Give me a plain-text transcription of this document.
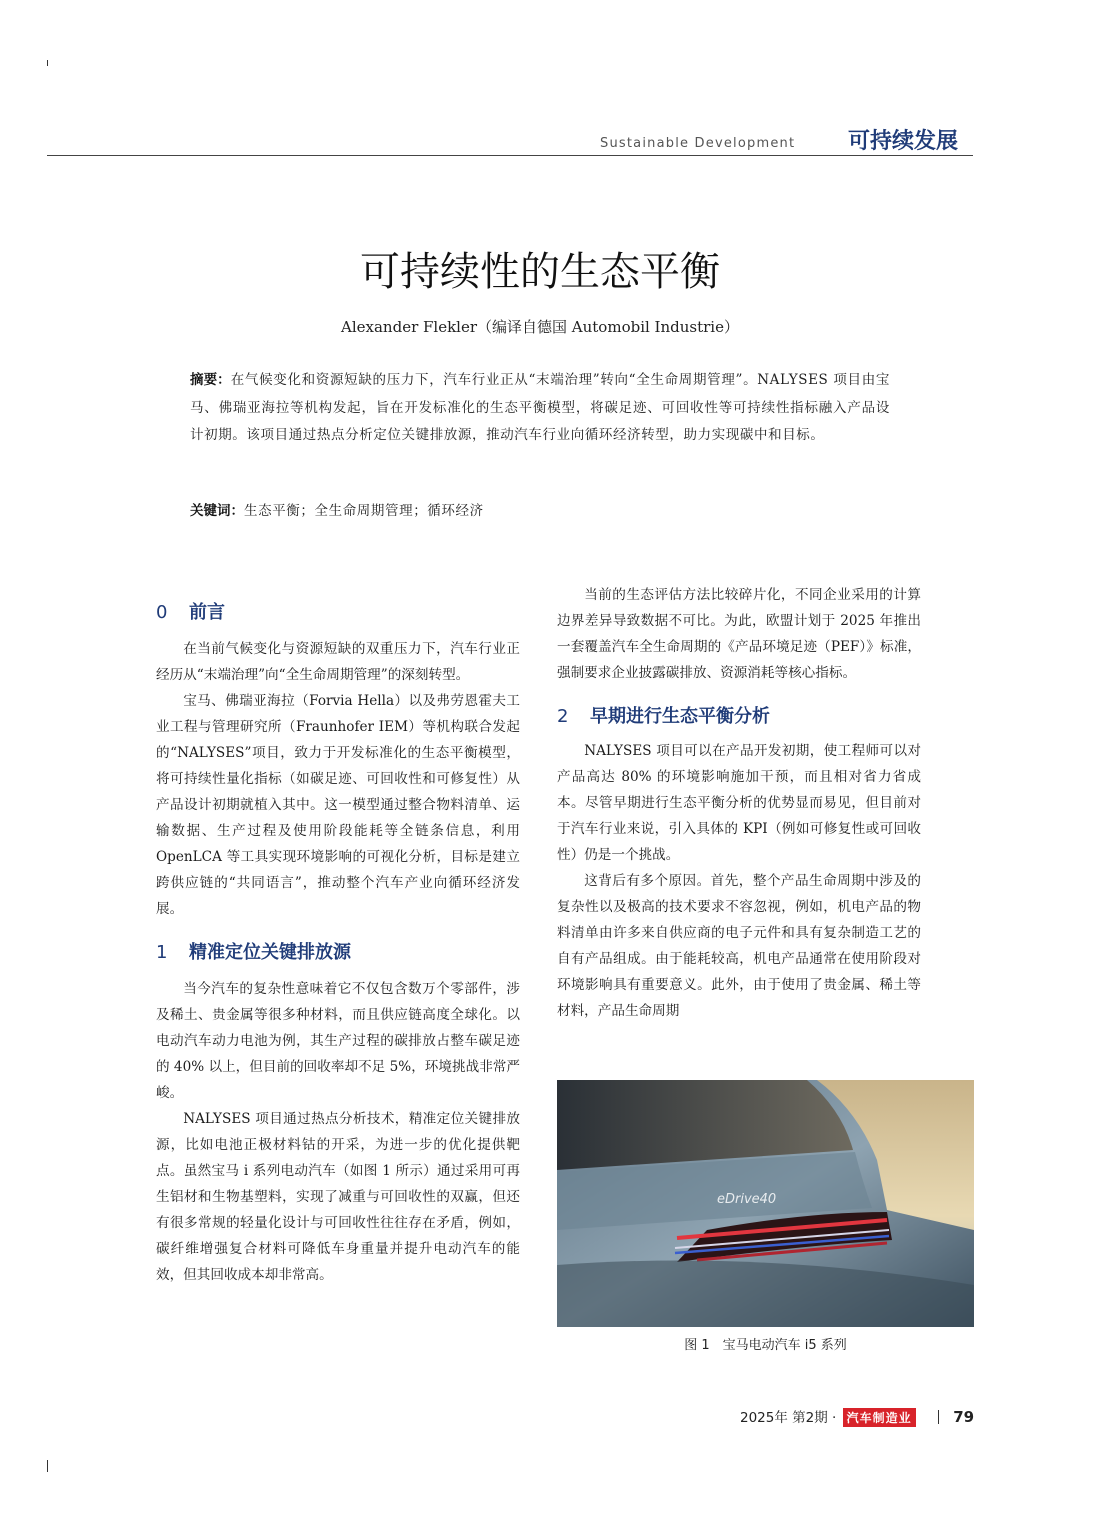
Sustainable Development 可持续发展
可持续性的生态平衡
Alexander Flekler（编译自德国 Automobil Industrie）
摘要：在气候变化和资源短缺的压力下，汽车行业正从“末端治理”转向“全生命周期管理”。NALYSES 项目由宝马、佛瑞亚海拉等机构发起，旨在开发标准化的生态平衡模型，将碳足迹、可回收性等可持续性指标融入产品设计初期。该项目通过热点分析定位关键排放源，推动汽车行业向循环经济转型，助力实现碳中和目标。
关键词：生态平衡；全生命周期管理；循环经济
0 前言

在当前气候变化与资源短缺的双重压力下，汽车行业正经历从“末端治理”向“全生命周期管理”的深刻转型。

宝马、佛瑞亚海拉（Forvia Hella）以及弗劳恩霍夫工业工程与管理研究所（Fraunhofer IEM）等机构联合发起的“NALYSES”项目，致力于开发标准化的生态平衡模型，将可持续性量化指标（如碳足迹、可回收性和可修复性）从产品设计初期就植入其中。这一模型通过整合物料清单、运输数据、生产过程及使用阶段能耗等全链条信息，利用 OpenLCA 等工具实现环境影响的可视化分析，目标是建立跨供应链的“共同语言”，推动整个汽车产业向循环经济发展。

1 精准定位关键排放源

当今汽车的复杂性意味着它不仅包含数万个零部件，涉及稀土、贵金属等很多种材料，而且供应链高度全球化。以电动汽车动力电池为例，其生产过程的碳排放占整车碳足迹的 40% 以上，但目前的回收率却不足 5%，环境挑战非常严峻。

NALYSES 项目通过热点分析技术，精准定位关键排放源，比如电池正极材料钴的开采，为进一步的优化提供靶点。虽然宝马 i 系列电动汽车（如图 1 所示）通过采用可再生铝材和生物基塑料，实现了减重与可回收性的双赢，但还有很多常规的轻量化设计与可回收性往往存在矛盾，例如，碳纤维增强复合材料可降低车身重量并提升电动汽车的能效，但其回收成本却非常高。

当前的生态评估方法比较碎片化，不同企业采用的计算边界差异导致数据不可比。为此，欧盟计划于 2025 年推出一套覆盖汽车全生命周期的《产品环境足迹（PEF）》标准，强制要求企业披露碳排放、资源消耗等核心指标。

2 早期进行生态平衡分析

NALYSES 项目可以在产品开发初期，使工程师可以对产品高达 80% 的环境影响施加干预，而且相对省力省成本。尽管早期进行生态平衡分析的优势显而易见，但目前对于汽车行业来说，引入具体的 KPI（例如可修复性或可回收性）仍是一个挑战。

这背后有多个原因。首先，整个产品生命周期中涉及的复杂性以及极高的技术要求不容忽视，例如，机电产品的物料清单由许多来自供应商的电子元件和具有复杂制造工艺的自有产品组成。由于能耗较高，机电产品通常在使用阶段对环境影响具有重要意义。此外，由于使用了贵金属、稀土等材料，产品生命周期

eDrive40
图 1　宝马电动汽车 i5 系列
2025年 第2期 · 汽车制造业	79
